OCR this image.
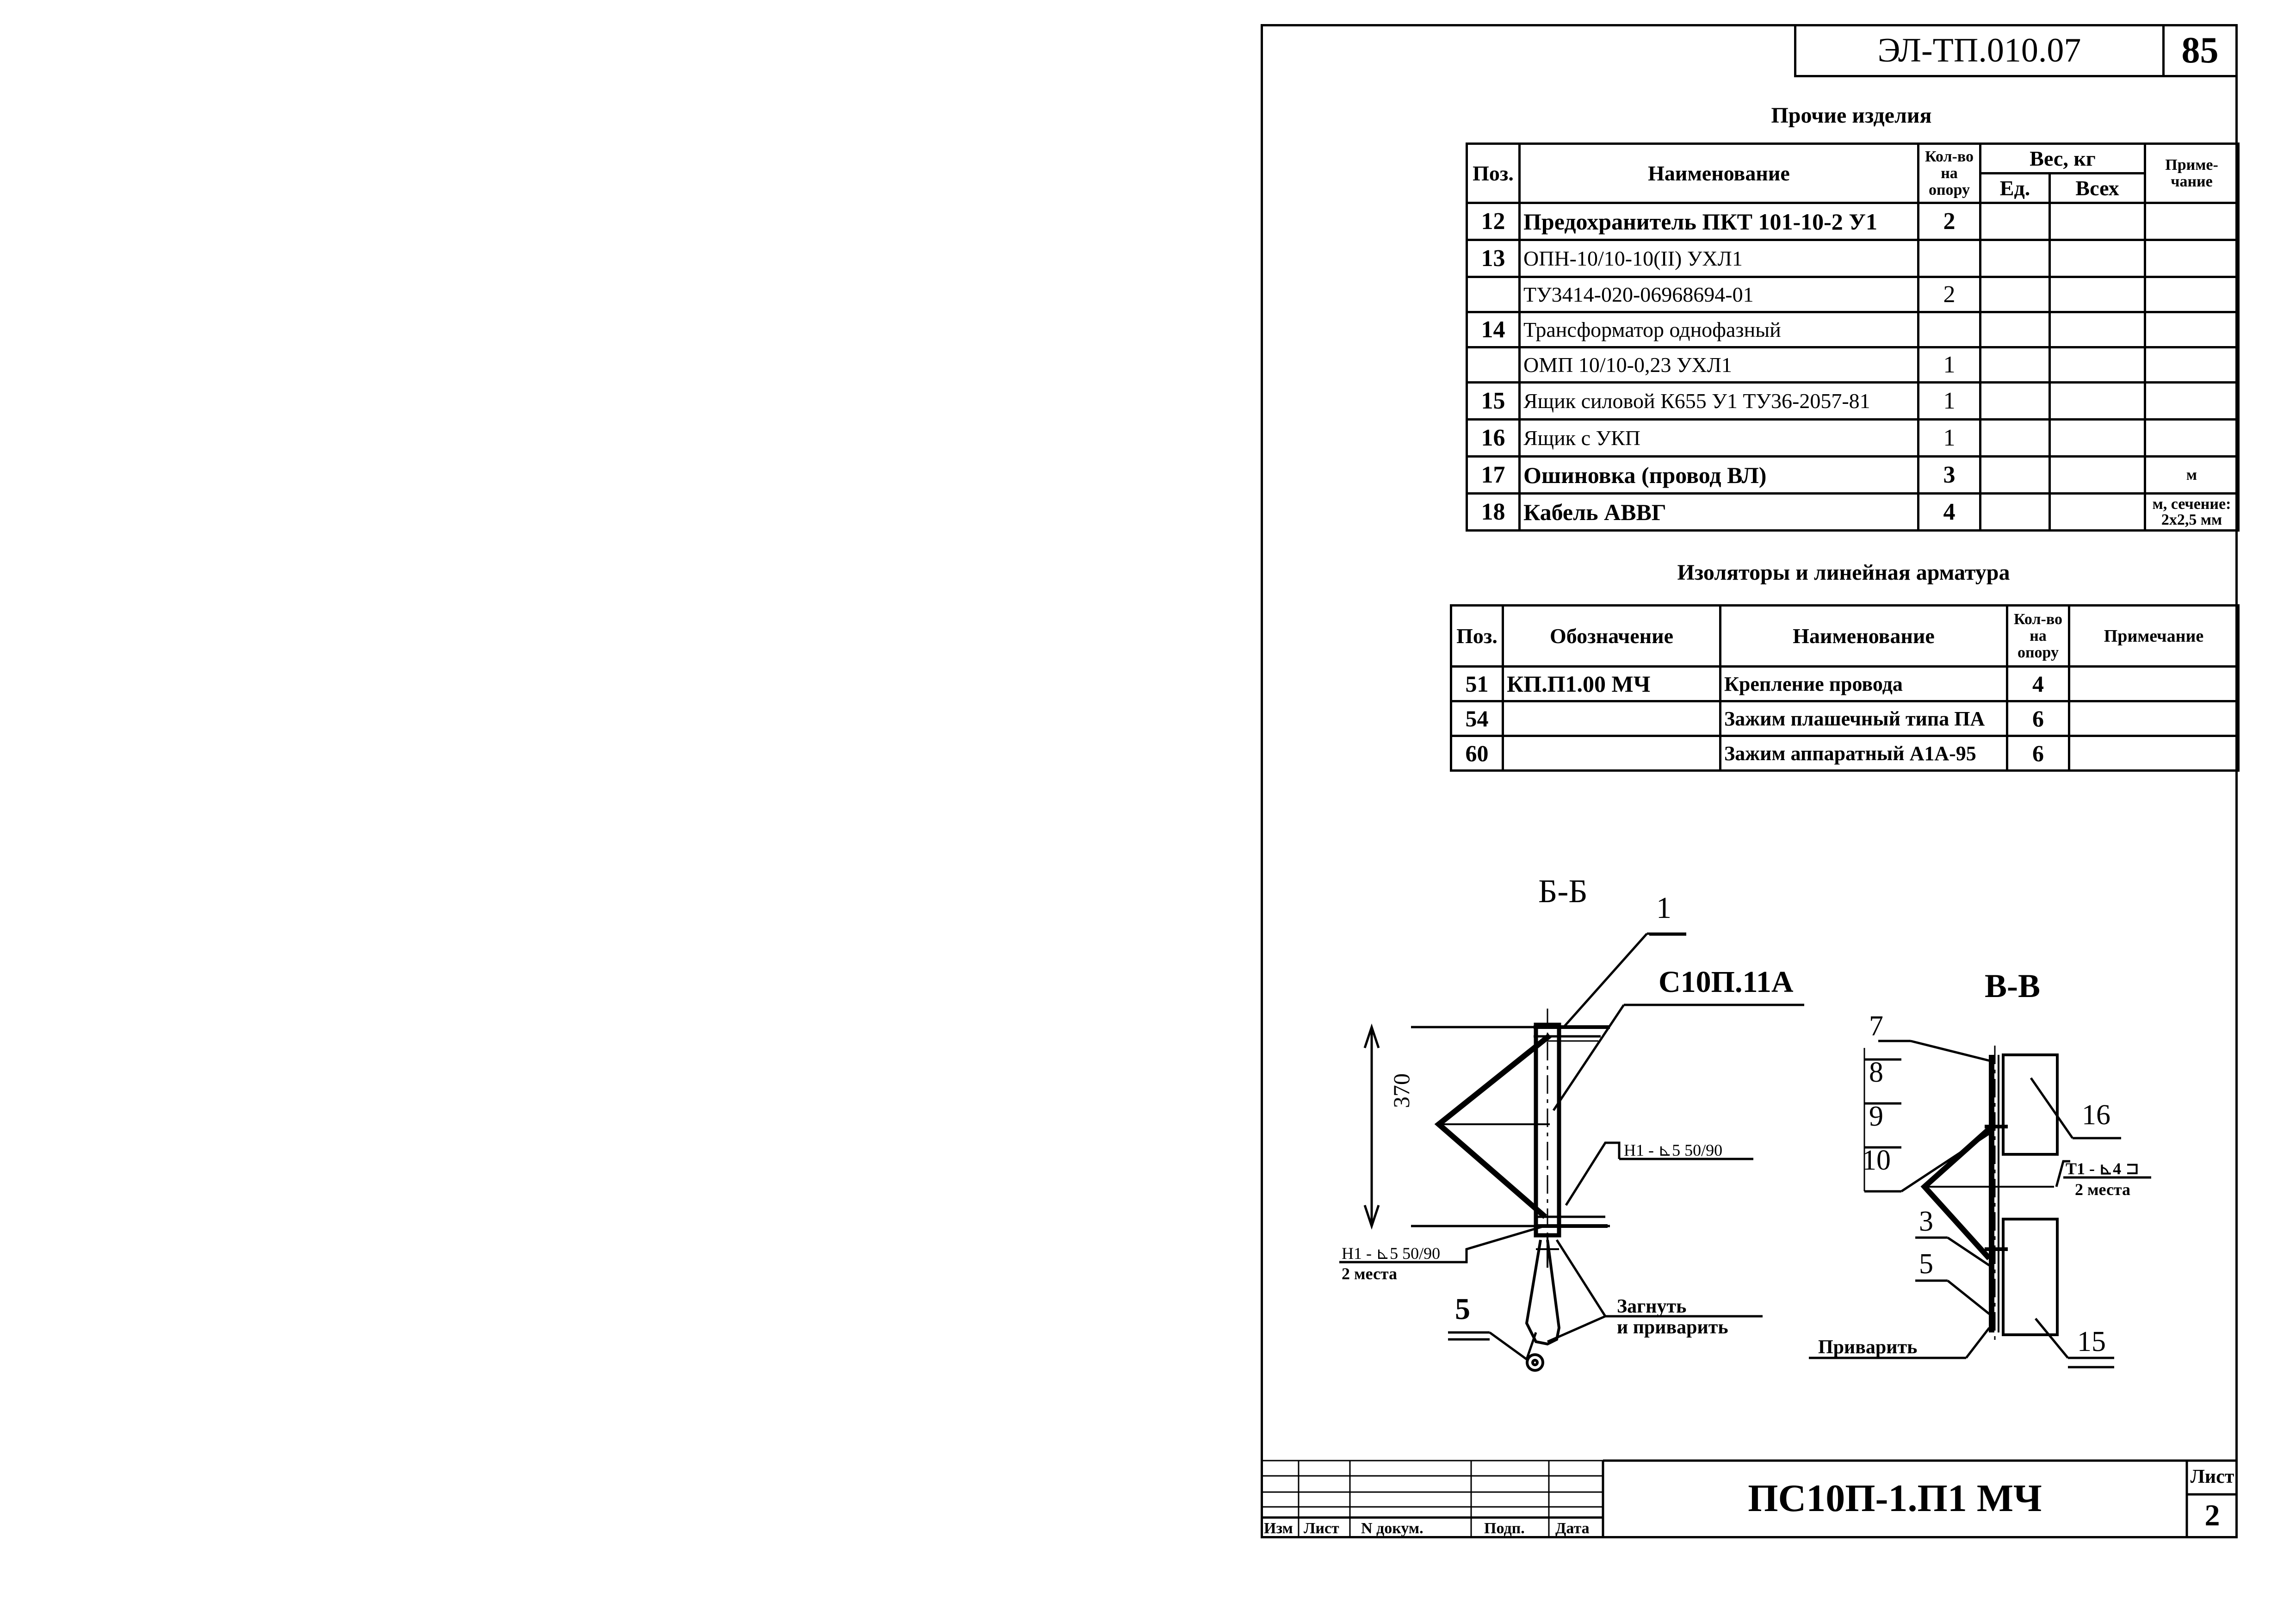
ЭЛ-ТП.010.07	85
Прочие изделия
Поз.	Наименование	Кол-во на опору	Вес, кг		Приме- чание
			Ед.	Всех	
12	Предохранитель ПКТ 101-10-2 У1	2			
13	ОПН-10/10-10(II) УХЛ1				
	ТУ3414-020-06968694-01	2			
14	Трансформатор однофазный				
	ОМП 10/10-0,23 УХЛ1	1			
15	Ящик силовой К655 У1 ТУ36-2057-81	1			
16	Ящик с УКП	1			
17	Ошиновка (провод ВЛ)	3			м
18	Кабель АВВГ	4			м, сечение: 2х2,5 мм
Изоляторы и линейная арматура
Поз.	Обозначение	Наименование	Кол-во на опору	Примечание
51	КП.П1.00 МЧ	Крепление провода	4	
54		Зажим плашечный типа ПА	6	
60		Зажим аппаратный А1А-95	6	
Б-Б 1
С10П.11А
370
Н1 - ⊾5 50/90
Н1 - ⊾5 50/90
2 места
5	Загнуть
и приварить
В-В
7
8
9
10
16
Т1 - ⊾4 ⊐
2 места
3
5
Приварить	15
Изм Лист N докум.	Подп. Дата
ПС10П-1.П1 МЧ	Лист
2
